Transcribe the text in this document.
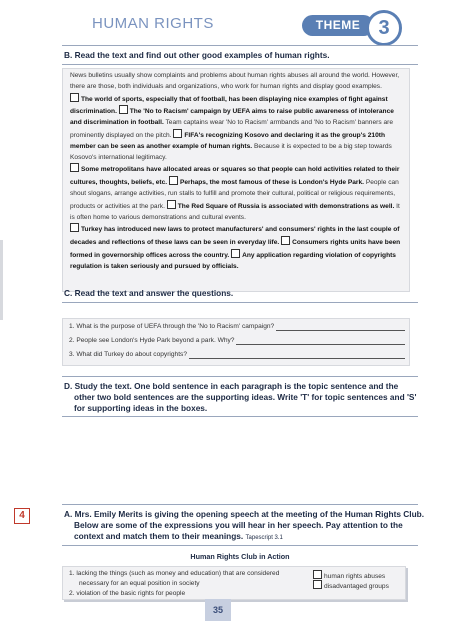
HUMAN RIGHTS	THEME 3
B. Read the text and find out other good examples of human rights.
News bulletins usually show complaints and problems about human rights abuses all around the world. However, there are those, both individuals and organizations, who work for human rights and display good examples.
The world of sports, especially that of football, has been displaying nice examples of fight against discrimination. The 'No to Racism' campaign by UEFA aims to raise public awareness of intolerance and discrimination in football. Team captains wear 'No to Racism' armbands and 'No to Racism' banners are prominently displayed on the pitch. FIFA's recognizing Kosovo and declaring it as the group's 210th member can be seen as another example of human rights. Because it is expected to be a big step towards Kosovo's international legitimacy.
Some metropolitans have allocated areas or squares so that people can hold activities related to their cultures, thoughts, beliefs, etc. Perhaps, the most famous of these is London's Hyde Park. People can shout slogans, arrange activities, run stalls to fulfill and promote their cultural, political or religious requirements, products or activities at the park. The Red Square of Russia is associated with demonstrations as well. It is often home to various demonstrations and cultural events.
Turkey has introduced new laws to protect manufacturers' and consumers' rights in the last couple of decades and reflections of these laws can be seen in everyday life. Consumers rights units have been formed in governorship offices across the country. Any application regarding violation of copyrights regulation is taken seriously and pursued by officials.
C. Read the text and answer the questions.
1. What is the purpose of UEFA through the 'No to Racism' campaign?
2. People see London's Hyde Park beyond a park. Why?
3. What did Turkey do about copyrights?
D. Study the text. One bold sentence in each paragraph is the topic sentence and the
other two bold sentences are the supporting ideas. Write 'T' for topic sentences and 'S'
for supporting ideas in the boxes.
4	A. Mrs. Emily Merits is giving the opening speech at the meeting of the Human Rights Club.
Below are some of the expressions you will hear in her speech. Pay attention to the
context and match them to their meanings. Tapescript 3.1
Human Rights Club in Action
1. lacking the things (such as money and education) that are considered
necessary for an equal position in society
2. violation of the basic rights for people
human rights abuses
disadvantaged groups
35
